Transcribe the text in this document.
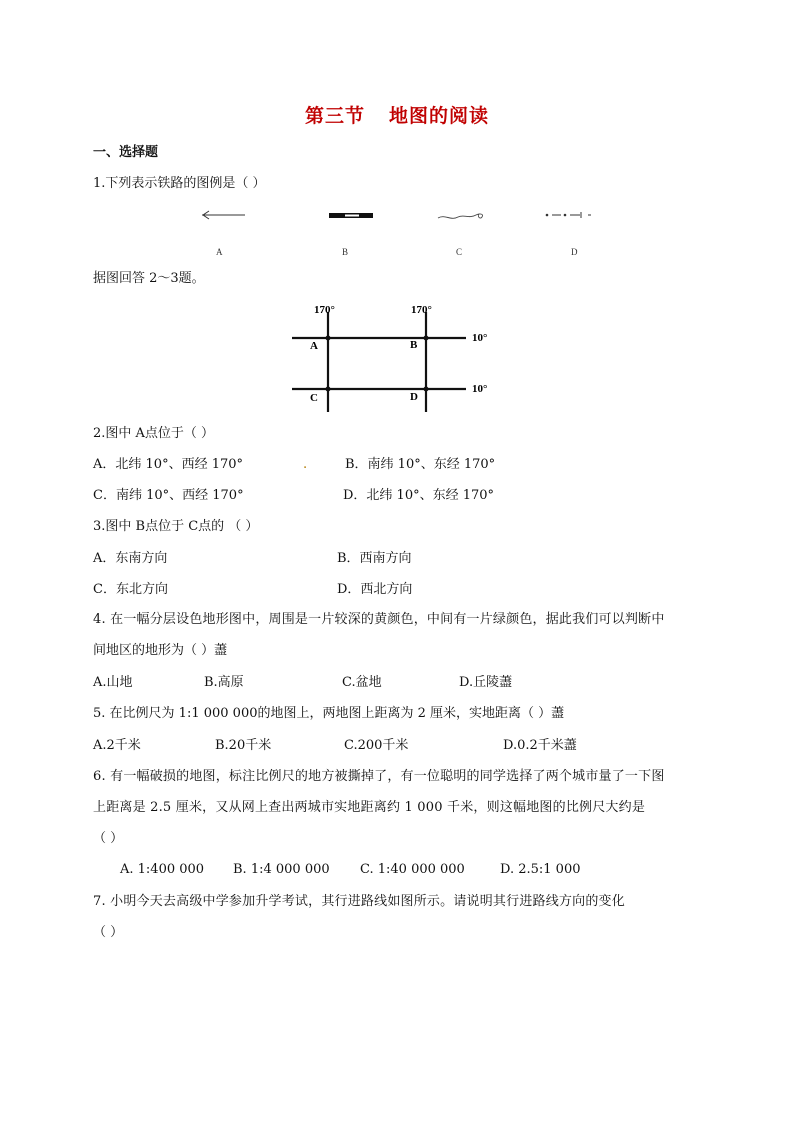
第三节 地图的阅读
一、选择题
1.下列表示铁路的图例是（ ）
A	B	C	D
据图回答 2～3题。
170°	170°
10°
10°
A	B
C	D
2.图中 A点位于（ ）
A．北纬 10°、西经 170°	.	B．南纬 10°、东经 170°
C．南纬 10°、西经 170°	D．北纬 10°、东经 170°
3.图中 B点位于 C点的 （ ）
A．东南方向	B．西南方向
C．东北方向	D．西北方向
4. 在一幅分层设色地形图中，周围是一片较深的黄颜色，中间有一片绿颜色，据此我们可以判断中
间地区的地形为（ ）藎
A.山地	B.高原	C.盆地	D.丘陵藎
5. 在比例尺为 1:1 000 000的地图上，两地图上距离为 2 厘米，实地距离（ ）藎
A.2千米	B.20千米	C.200千米	D.0.2千米藎
6. 有一幅破损的地图，标注比例尺的地方被撕掉了，有一位聪明的同学选择了两个城市量了一下图
上距离是 2.5 厘米，又从网上查出两城市实地距离约 1 000 千米，则这幅地图的比例尺大约是
（ ）
A. 1:400 000 B. 1:4 000 000 C. 1:40 000 000	D. 2.5:1 000
7. 小明今天去高级中学参加升学考试，其行进路线如图所示。请说明其行进路线方向的变化
（ ）
